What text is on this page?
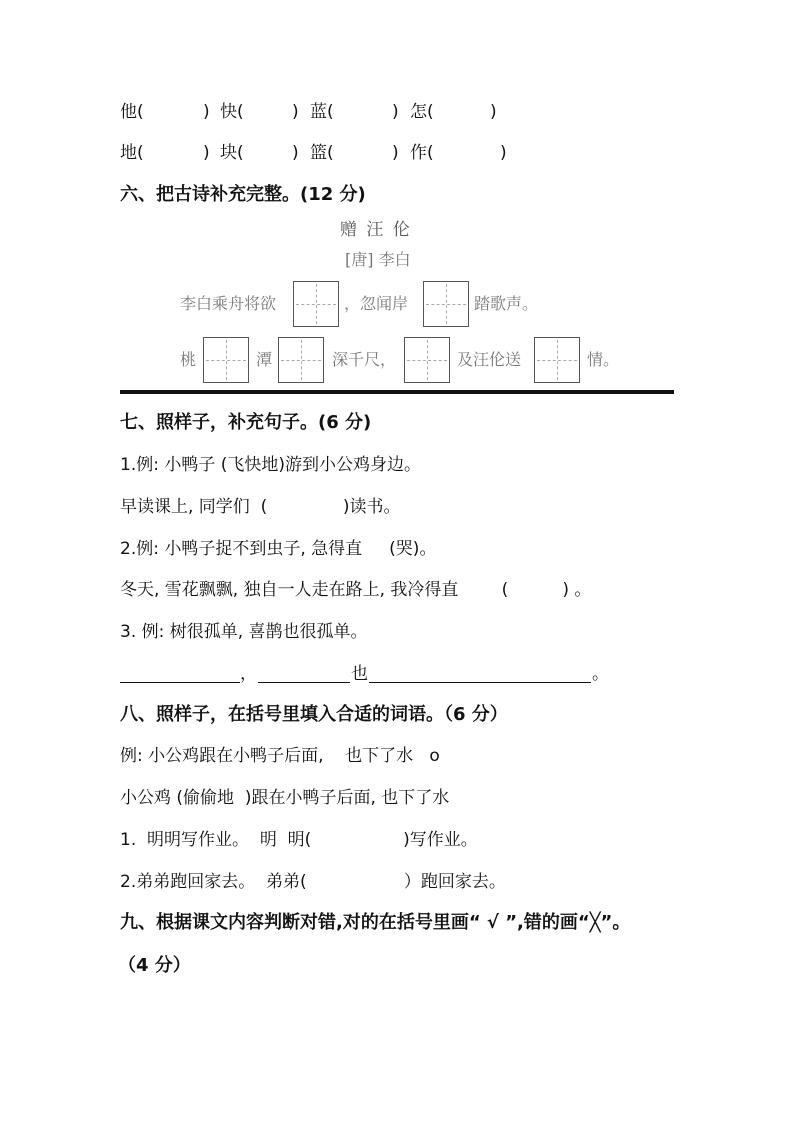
他(	) 快(	) 蓝(	) 怎(	)
地(	) 块(	) 篮(	) 作(	)
六、把古诗补充完整。(12 分)
赠 汪 伦
[唐] 李白
李白乘舟将欲	，忽闻岸	踏歌声。
桃	潭	深千尺，	及汪伦送	情。
七、照样子，补充句子。(6 分)
1.例: 小鸭子 (飞快地)游到小公鸡身边。
早读课上, 同学们  (              )读书。
2.例: 小鸭子捉不到虫子, 急得直     (哭)。
冬天, 雪花飘飘, 独自一人走在路上, 我冷得直        (          ) 。
3. 例: 树很孤单, 喜鹊也很孤单。
，	也	。
八、照样子，在括号里填入合适的词语。（6 分）
例: 小公鸡跟在小鸭子后面,    也下了水   o
小公鸡 (偷偷地  )跟在小鸭子后面, 也下了水
1.  明明写作业。  明  明(                 )写作业。
2.弟弟跑回家去。  弟弟(                  ）跑回家去。
九、根据课文内容判断对错,对的在括号里画“ √ ”,错的画“╳”。
（4 分）
